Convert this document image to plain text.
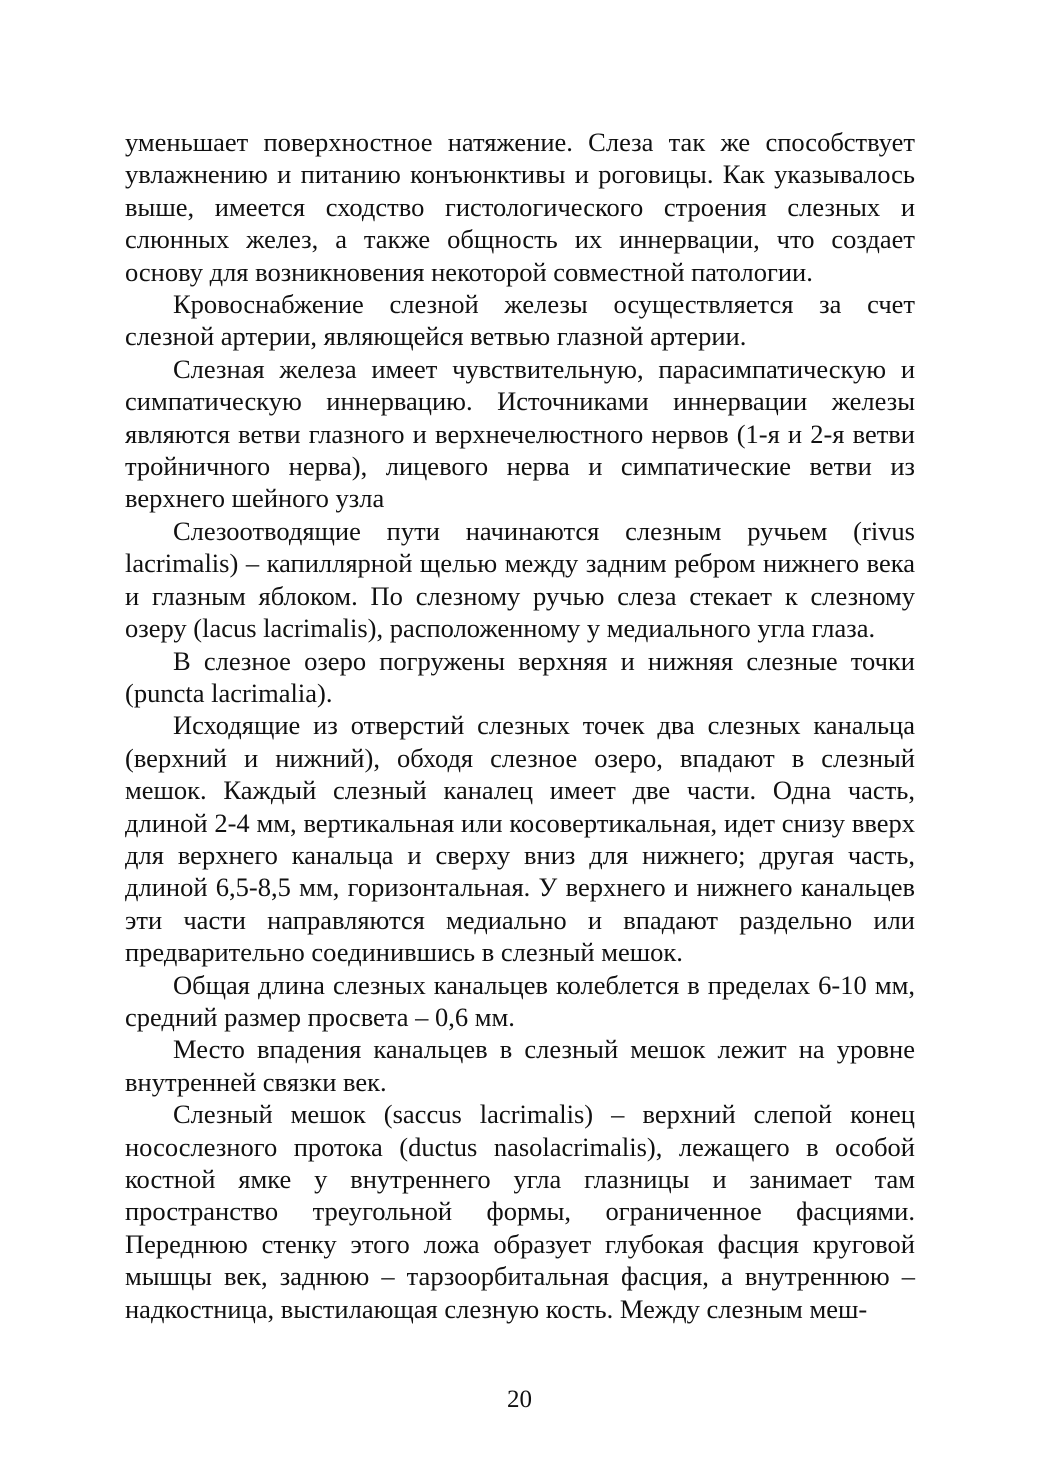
уменьшает поверхностное натяжение. Слеза так же способствует увлажнению и питанию конъюнктивы и роговицы. Как указывалось выше, имеется сходство гистологического строения слезных и слюнных желез, а также общность их иннервации, что создает основу для возникновения некоторой совместной патологии.

Кровоснабжение слезной железы осуществляется за счет слезной артерии, являющейся ветвью глазной артерии.

Слезная железа имеет чувствительную, парасимпатическую и симпатическую иннервацию. Источниками иннервации железы являются ветви глазного и верхнечелюстного нервов (1-я и 2-я ветви тройничного нерва), лицевого нерва и симпатические ветви из верхнего шейного узла

Слезоотводящие пути начинаются слезным ручьем (rivus lacrimalis) – капиллярной щелью между задним ребром нижнего века и глазным яблоком. По слезному ручью слеза стекает к слезному озеру (lacus lacrimalis), расположенному у медиального угла глаза.

В слезное озеро погружены верхняя и нижняя слезные точки (puncta lacrimalia).

Исходящие из отверстий слезных точек два слезных канальца (верхний и нижний), обходя слезное озеро, впадают в слезный мешок. Каждый слезный каналец имеет две части. Одна часть, длиной 2-4 мм, вертикальная или косовертикальная, идет снизу вверх для верхнего канальца и сверху вниз для нижнего; другая часть, длиной 6,5-8,5 мм, горизонтальная. У верхнего и нижнего канальцев эти части направляются медиально и впадают раздельно или предварительно соединившись в слезный мешок.

Общая длина слезных канальцев колеблется в пределах 6-10 мм, средний размер просвета – 0,6 мм.

Место впадения канальцев в слезный мешок лежит на уровне внутренней связки век.

Слезный мешок (saccus lacrimalis) – верхний слепой конец носослезного протока (ductus nasolacrimalis), лежащего в особой костной ямке у внутреннего угла глазницы и занимает там пространство треугольной формы, ограниченное фасциями. Переднюю стенку этого ложа образует глубокая фасция круговой мышцы век, заднюю – тарзоорбитальная фасция, а внутреннюю – надкостница, выстилающая слезную кость. Между слезным меш-

20
